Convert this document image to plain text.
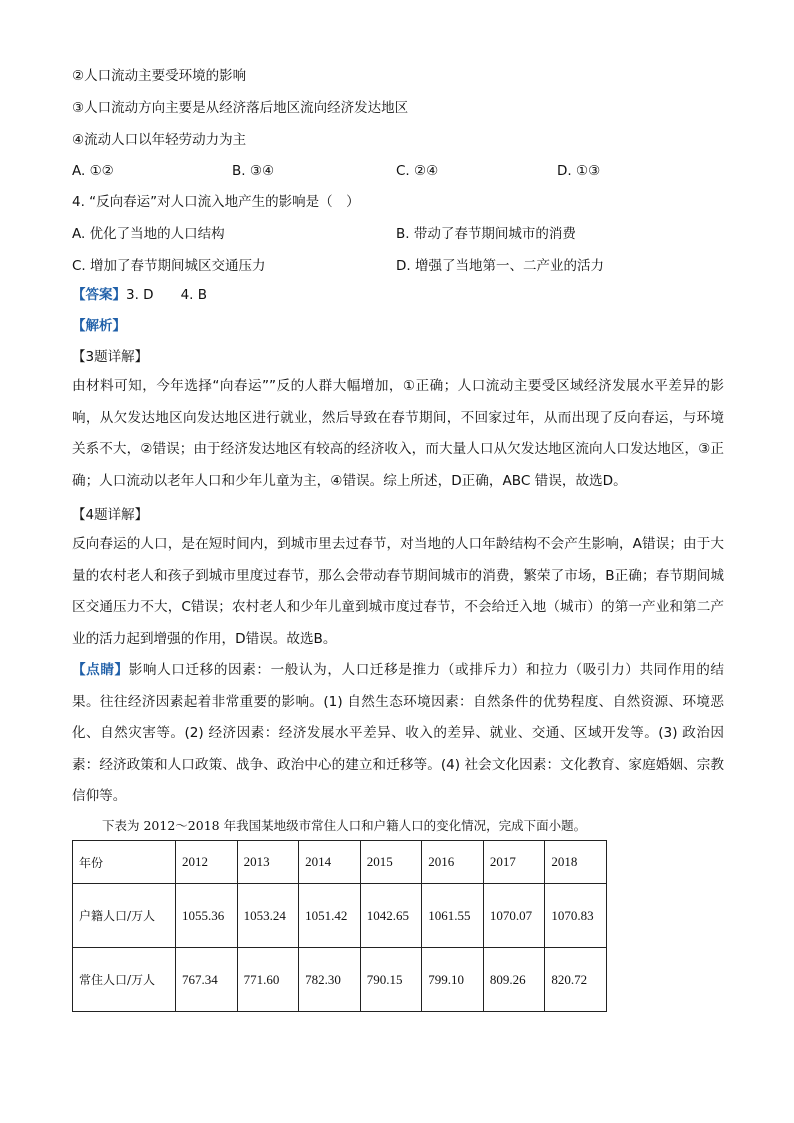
②人口流动主要受环境的影响
③人口流动方向主要是从经济落后地区流向经济发达地区
④流动人口以年轻劳动力为主
A. ①②	B. ③④	C. ②④	D. ①③
4. “反向春运”对人口流入地产生的影响是（　）
A. 优化了当地的人口结构	B. 带动了春节期间城市的消费
C. 增加了春节期间城区交通压力	D. 增强了当地第一、二产业的活力
【答案】3. D　　4. B
【解析】
【3题详解】
由材料可知，今年选择“向春运””反的人群大幅增加，①正确；人口流动主要受区域经济发展水平差异的影响，从欠发达地区向发达地区进行就业，然后导致在春节期间，不回家过年，从而出现了反向春运，与环境关系不大，②错误；由于经济发达地区有较高的经济收入，而大量人口从欠发达地区流向人口发达地区，③正确；人口流动以老年人口和少年儿童为主，④错误。综上所述，D正确，ABC 错误，故选D。
【4题详解】
反向春运的人口，是在短时间内，到城市里去过春节，对当地的人口年龄结构不会产生影响，A错误；由于大量的农村老人和孩子到城市里度过春节，那么会带动春节期间城市的消费，繁荣了市场，B正确；春节期间城区交通压力不大，C错误；农村老人和少年儿童到城市度过春节，不会给迁入地（城市）的第一产业和第二产业的活力起到增强的作用，D错误。故选B。
【点睛】影响人口迁移的因素：一般认为，人口迁移是推力（或排斥力）和拉力（吸引力）共同作用的结果。往往经济因素起着非常重要的影响。(1) 自然生态环境因素：自然条件的优势程度、自然资源、环境恶化、自然灾害等。(2) 经济因素：经济发展水平差异、收入的差异、就业、交通、区域开发等。(3) 政治因素：经济政策和人口政策、战争、政治中心的建立和迁移等。(4) 社会文化因素：文化教育、家庭婚姻、宗教信仰等。
下表为 2012～2018 年我国某地级市常住人口和户籍人口的变化情况，完成下面小题。
年份	2012	2013	2014	2015	2016	2017	2018
户籍人口/万人	1055.36	1053.24	1051.42	1042.65	1061.55	1070.07	1070.83
常住人口/万人	767.34	771.60	782.30	790.15	799.10	809.26	820.72
